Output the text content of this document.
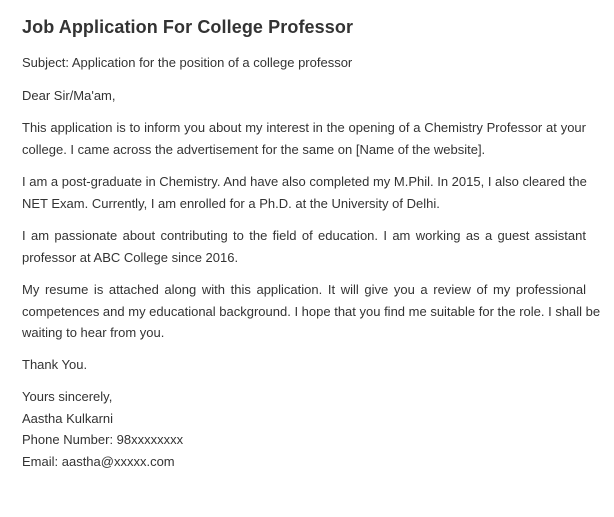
Job Application For College Professor

Subject: Application for the position of a college professor

Dear Sir/Ma'am,

This application is to inform you about my interest in the opening of a Chemistry Professor at your
college. I came across the advertisement for the same on [Name of the website].

I am a post-graduate in Chemistry. And have also completed my M.Phil. In 2015, I also cleared the
NET Exam. Currently, I am enrolled for a Ph.D. at the University of Delhi.

I am passionate about contributing to the field of education. I am working as a guest assistant
professor at ABC College since 2016.

My resume is attached along with this application. It will give you a review of my professional
competences and my educational background. I hope that you find me suitable for the role. I shall be
waiting to hear from you.

Thank You.

Yours sincerely,
Aastha Kulkarni
Phone Number: 98xxxxxxxx
Email: aastha@xxxxx.com
